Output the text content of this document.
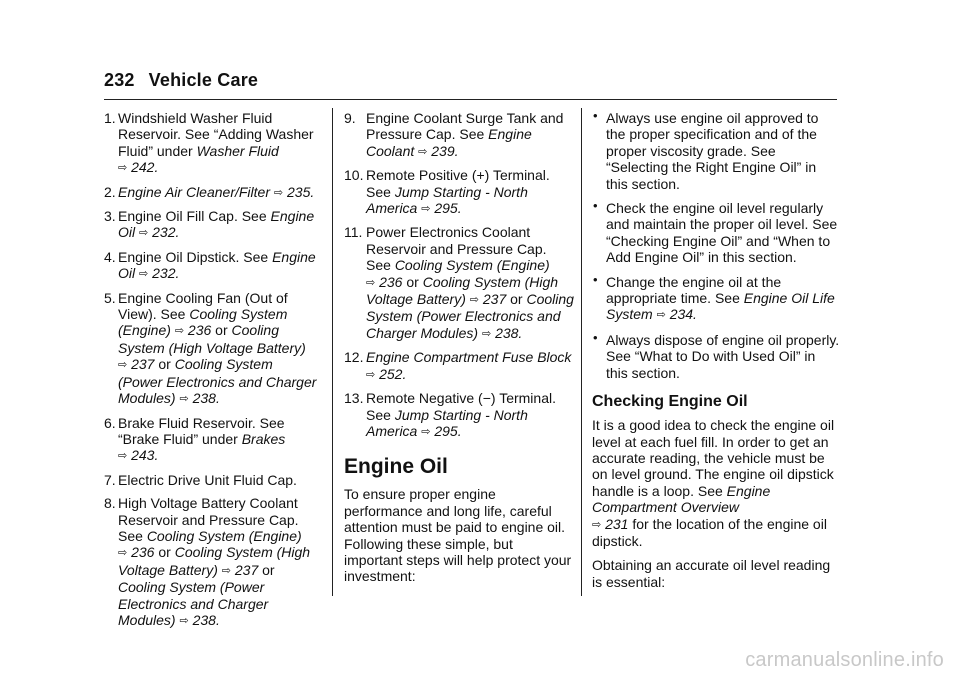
232 Vehicle Care
1. Windshield Washer Fluid Reservoir. See “Adding Washer Fluid” under Washer Fluid
⇨ 242.
2. Engine Air Cleaner/Filter ⇨ 235.
3. Engine Oil Fill Cap. See Engine Oil ⇨ 232.
4. Engine Oil Dipstick. See Engine Oil ⇨ 232.
5. Engine Cooling Fan (Out of View). See Cooling System (Engine) ⇨ 236 or Cooling System (High Voltage Battery)
⇨ 237 or Cooling System (Power Electronics and Charger Modules) ⇨ 238.
6. Brake Fluid Reservoir. See “Brake Fluid” under Brakes
⇨ 243.
7. Electric Drive Unit Fluid Cap.
8. High Voltage Battery Coolant Reservoir and Pressure Cap. See Cooling System (Engine)
⇨ 236 or Cooling System (High Voltage Battery) ⇨ 237 or Cooling System (Power Electronics and Charger Modules) ⇨ 238.
9. Engine Coolant Surge Tank and Pressure Cap. See Engine Coolant ⇨ 239.
10. Remote Positive (+) Terminal. See Jump Starting - North America ⇨ 295.
11. Power Electronics Coolant Reservoir and Pressure Cap. See Cooling System (Engine)
⇨ 236 or Cooling System (High Voltage Battery) ⇨ 237 or Cooling System (Power Electronics and Charger Modules) ⇨ 238.
12. Engine Compartment Fuse Block ⇨ 252.
13. Remote Negative (−) Terminal. See Jump Starting - North America ⇨ 295.
Engine Oil
To ensure proper engine performance and long life, careful attention must be paid to engine oil. Following these simple, but important steps will help protect your investment:
• Always use engine oil approved to the proper specification and of the proper viscosity grade. See “Selecting the Right Engine Oil” in this section.
• Check the engine oil level regularly and maintain the proper oil level. See “Checking Engine Oil” and “When to Add Engine Oil” in this section.
• Change the engine oil at the appropriate time. See Engine Oil Life System ⇨ 234.
• Always dispose of engine oil properly. See “What to Do with Used Oil” in this section.
Checking Engine Oil
It is a good idea to check the engine oil level at each fuel fill. In order to get an accurate reading, the vehicle must be on level ground. The engine oil dipstick handle is a loop. See Engine Compartment Overview
⇨ 231 for the location of the engine oil dipstick.
Obtaining an accurate oil level reading is essential:
carmanualsonline.info
